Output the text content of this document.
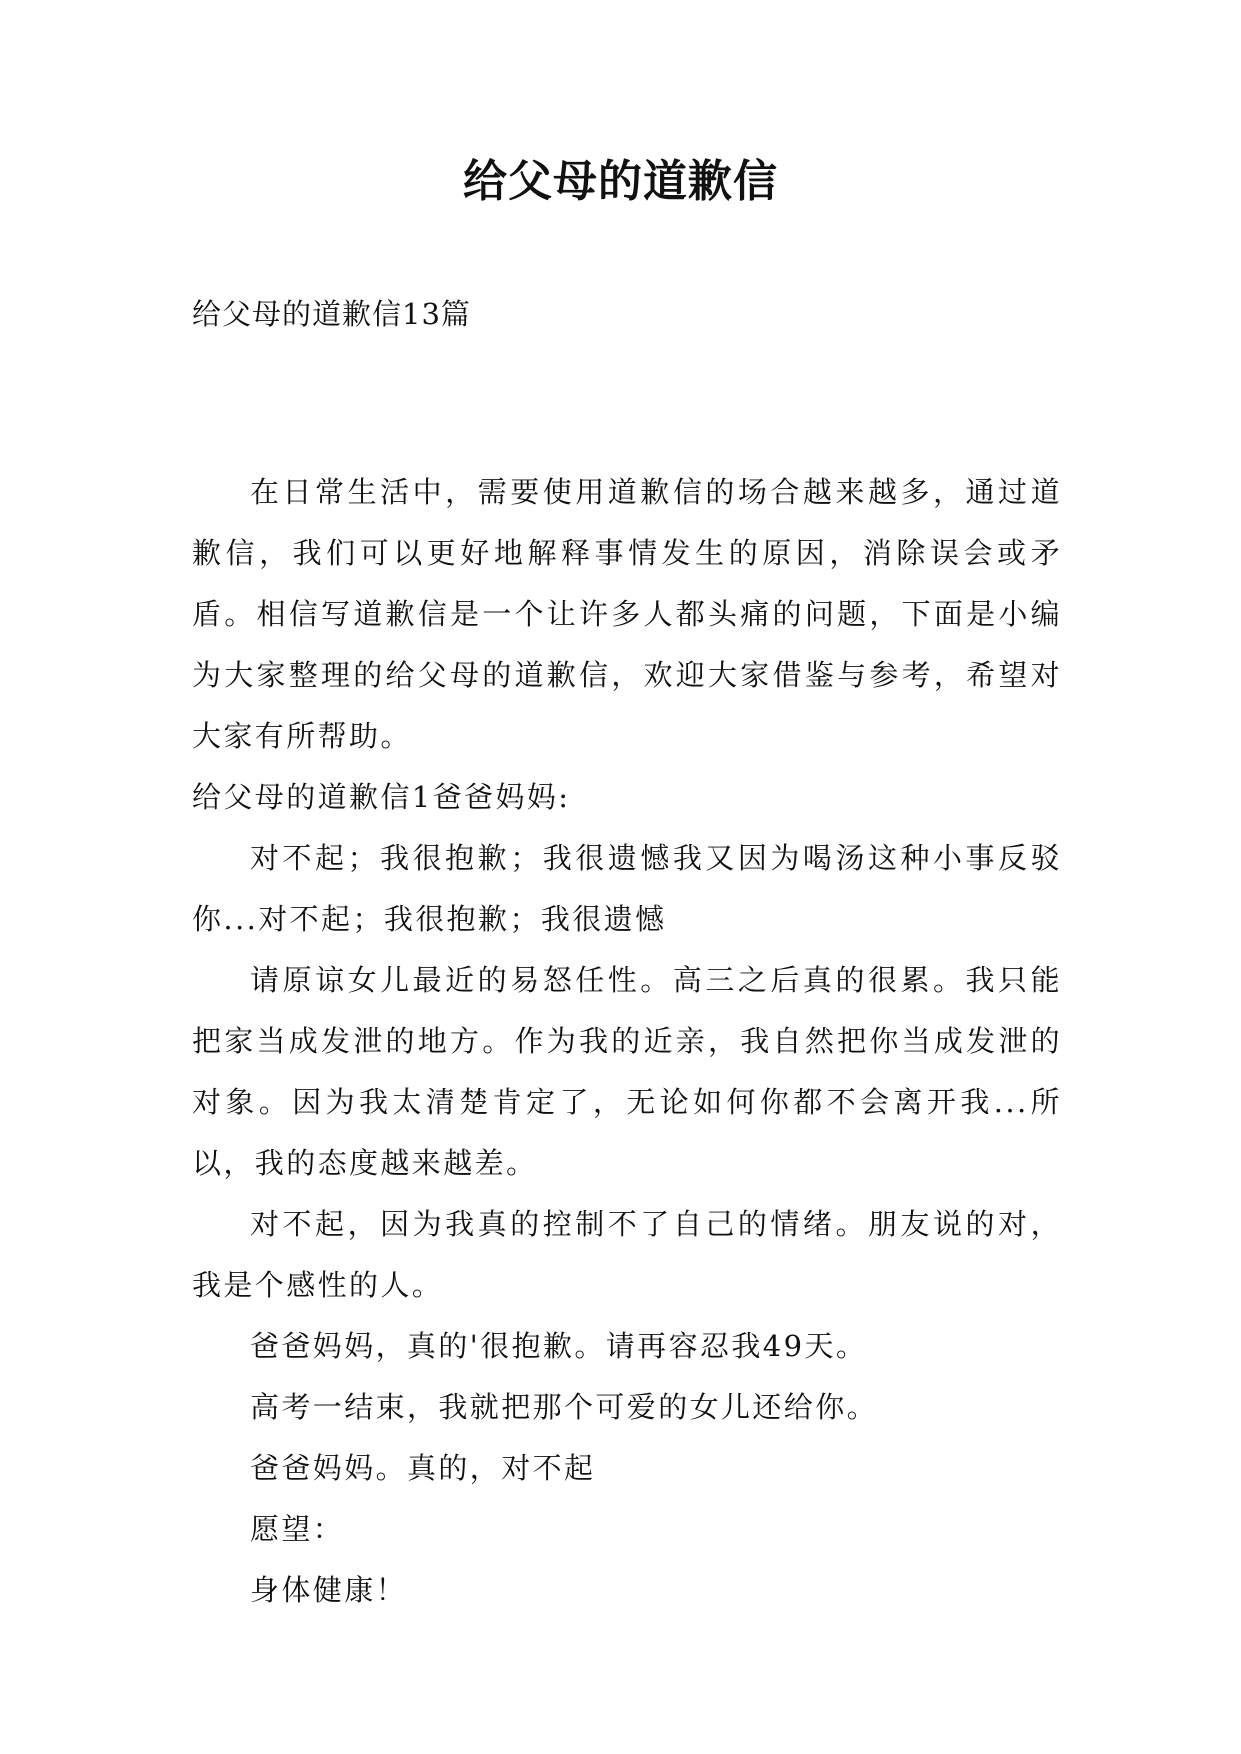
给父母的道歉信

给父母的道歉信13篇

在日常生活中，需要使用道歉信的场合越来越多，通过道歉信，我们可以更好地解释事情发生的原因，消除误会或矛盾。相信写道歉信是一个让许多人都头痛的问题，下面是小编为大家整理的给父母的道歉信，欢迎大家借鉴与参考，希望对大家有所帮助。

给父母的道歉信1爸爸妈妈:

对不起；我很抱歉；我很遗憾我又因为喝汤这种小事反驳你...对不起；我很抱歉；我很遗憾

请原谅女儿最近的易怒任性。高三之后真的很累。我只能把家当成发泄的地方。作为我的近亲，我自然把你当成发泄的对象。因为我太清楚肯定了，无论如何你都不会离开我...所以，我的态度越来越差。

对不起，因为我真的控制不了自己的情绪。朋友说的对，我是个感性的人。

爸爸妈妈，真的'很抱歉。请再容忍我49天。

高考一结束，我就把那个可爱的女儿还给你。

爸爸妈妈。真的，对不起

愿望：

身体健康！
